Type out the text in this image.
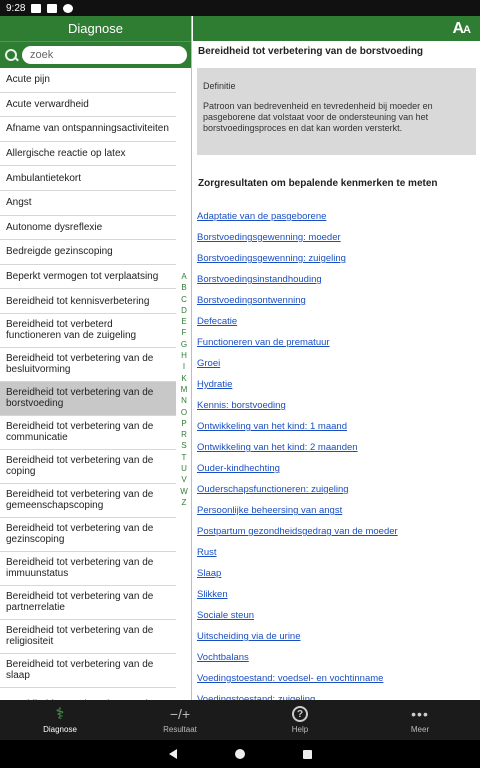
9:28
Diagnose
zoek
Acute pijn
Acute verwardheid
Afname van ontspanningsactiviteiten
Allergische reactie op latex
Ambulantietekort
Angst
Autonome dysreflexie
Bedreigde gezinscoping
Beperkt vermogen tot verplaatsing
Bereidheid tot kennisverbetering
Bereidheid tot verbeterd functioneren van de zuigeling
Bereidheid tot verbetering van de besluitvorming
Bereidheid tot verbetering van de borstvoeding
Bereidheid tot verbetering van de communicatie
Bereidheid tot verbetering van de coping
Bereidheid tot verbetering van de gemeenschapscoping
Bereidheid tot verbetering van de gezinscoping
Bereidheid tot verbetering van de immuunstatus
Bereidheid tot verbetering van de partnerrelatie
Bereidheid tot verbetering van de religiositeit
Bereidheid tot verbetering van de slaap
A
B
C
D
E
F
G
H
I
K
M
N
O
P
R
S
T
U
V
W
Z
AA
Bereidheid tot verbetering van de borstvoeding
Definitie
Patroon van bedrevenheid en tevredenheid bij moeder en pasgeborene dat volstaat voor de ondersteuning van het borstvoedingsproces en dat kan worden versterkt.
Zorgresultaten om bepalende kenmerken te meten
Adaptatie van de pasgeborene
Borstvoedingsgewenning: moeder
Borstvoedingsgewenning: zuigeling
Borstvoedingsinstandhouding
Borstvoedingsontwenning
Defecatie
Functioneren van de prematuur
Groei
Hydratie
Kennis: borstvoeding
Ontwikkeling van het kind: 1 maand
Ontwikkeling van het kind: 2 maanden
Ouder-kindhechting
Ouderschapsfunctioneren: zuigeling
Persoonlijke beheersing van angst
Postpartum gezondheidsgedrag van de moeder
Rust
Slaap
Slikken
Sociale steun
Uitscheiding via de urine
Vochtbalans
Voedingstoestand: voedsel- en vochtinname
⚕
Diagnose
−/+
Resultaat
?
Help
•••
Meer
